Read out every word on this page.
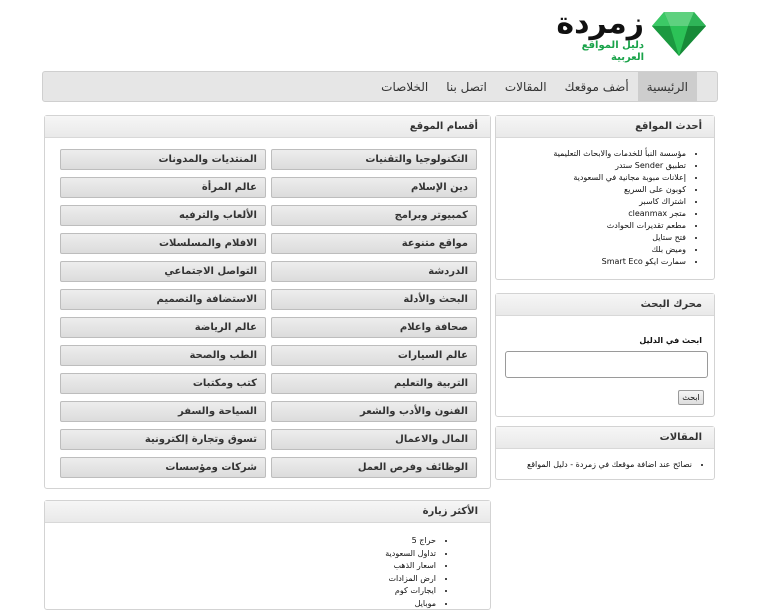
زمردة
دليل المواقع العربية
الرئيسية
أضف موقعك
المقالات
اتصل بنا
الخلاصات
أقسام الموقع
التكنولوجيا والتقنيات
المنتديات والمدونات
دين الإسلام
عالم المرأة
كمبيوتر وبرامج
الألعاب والترفيه
مواقع متنوعة
الافلام والمسلسلات
الدردشة
التواصل الاجتماعي
البحث والأدلة
الاستضافة والتصميم
صحافة واعلام
عالم الرياضة
عالم السيارات
الطب والصحة
التربية والتعليم
كتب ومكتبات
الفنون والأدب والشعر
السياحة والسفر
المال والاعمال
تسوق وتجارة إلكترونية
الوظائف وفرص العمل
شركات ومؤسسات
أحدث المواقع
• مؤسسة النبأ للخدمات والابحاث التعليمية
• تطبيق Sender ستدر
• إعلانات مبوبة مجانية في السعودية
• كوبون على السريع
• اشتراك كاسبر
• متجر cleanmax
• مطعم تقديرات الحوادث
• فتح ستايل
• وميض بلك
• سمارت ايكو Smart Eco
محرك البحث
ابحث في الدليل
ابحث
المقالات
• نصائح عند اضافة موقعك في زمردة - دليل المواقع
الأكثر زيارة
• حراج 5
• تداول السعودية
• اسعار الذهب
• ارض المزادات
• ايجارات كوم
• موبايل
